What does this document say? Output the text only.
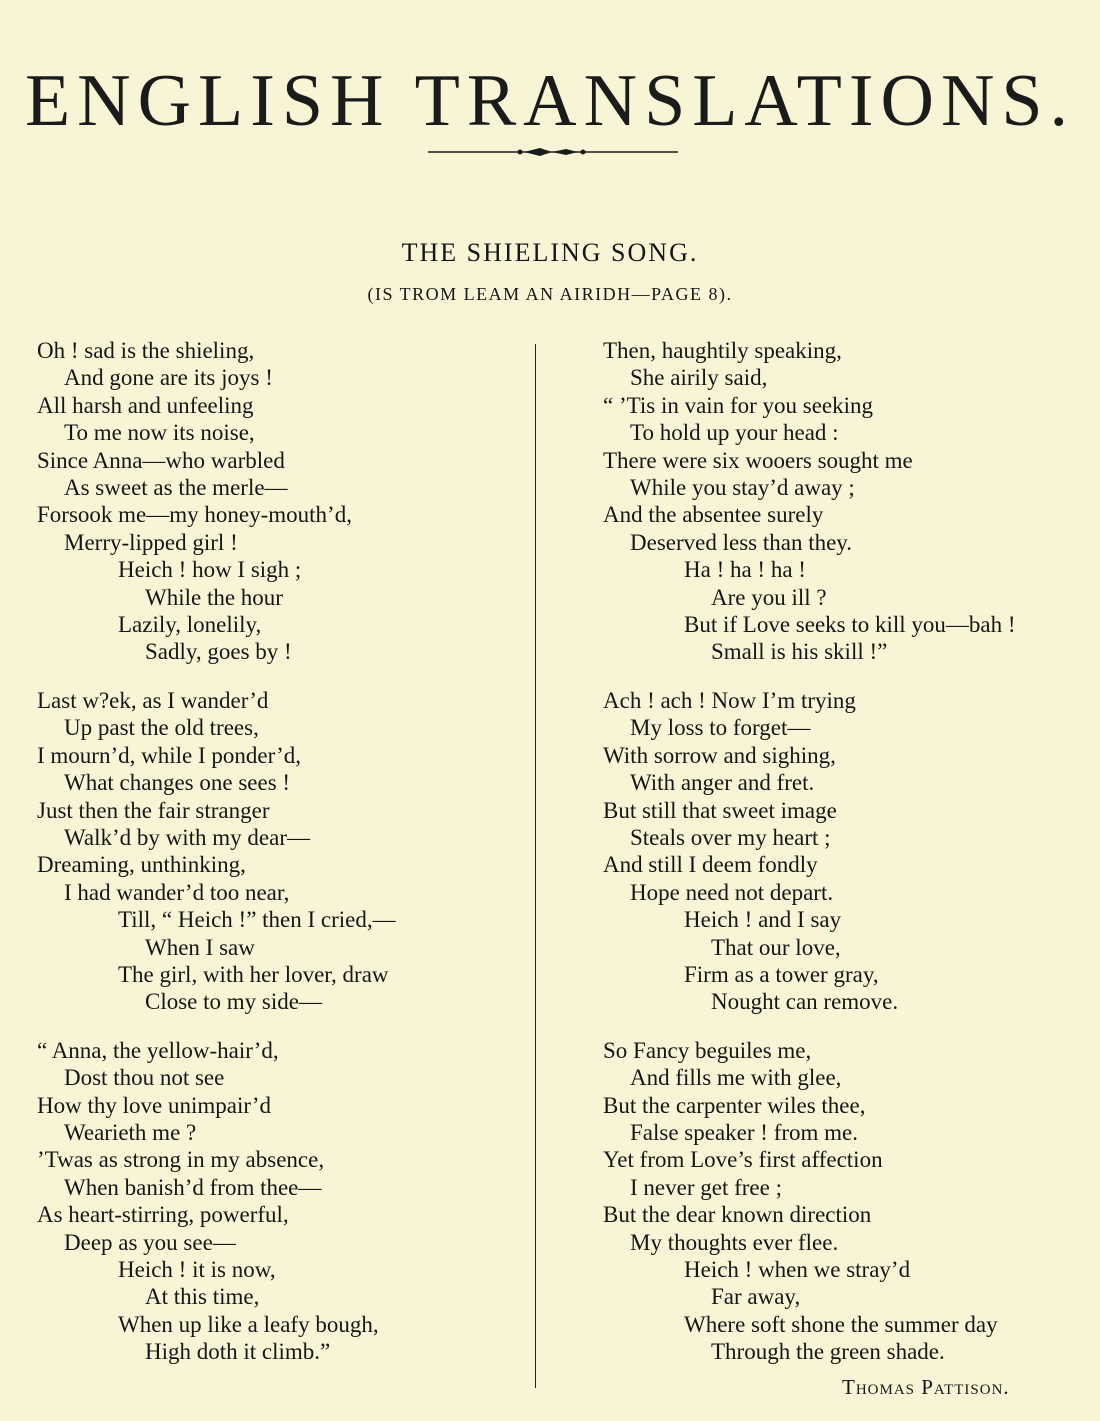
ENGLISH TRANSLATIONS.
THE SHIELING SONG.
(IS TROM LEAM AN AIRIDH—PAGE 8).
Oh ! sad is the shieling,
And gone are its joys !
All harsh and unfeeling
To me now its noise,
Since Anna—who warbled
As sweet as the merle—
Forsook me—my honey-mouth’d,
Merry-lipped girl !
Heich ! how I sigh ;
While the hour
Lazily, lonelily,
Sadly, goes by !
Last w?ek, as I wander’d
Up past the old trees,
I mourn’d, while I ponder’d,
What changes one sees !
Just then the fair stranger
Walk’d by with my dear—
Dreaming, unthinking,
I had wander’d too near,
Till, “ Heich !” then I cried,—
When I saw
The girl, with her lover, draw
Close to my side—
“ Anna, the yellow-hair’d,
Dost thou not see
How thy love unimpair’d
Wearieth me ?
’Twas as strong in my absence,
When banish’d from thee—
As heart-stirring, powerful,
Deep as you see—
Heich ! it is now,
At this time,
When up like a leafy bough,
High doth it climb.”
Then, haughtily speaking,
She airily said,
“ ’Tis in vain for you seeking
To hold up your head :
There were six wooers sought me
While you stay’d away ;
And the absentee surely
Deserved less than they.
Ha ! ha ! ha !
Are you ill ?
But if Love seeks to kill you—bah !
Small is his skill !”
Ach ! ach ! Now I’m trying
My loss to forget—
With sorrow and sighing,
With anger and fret.
But still that sweet image
Steals over my heart ;
And still I deem fondly
Hope need not depart.
Heich ! and I say
That our love,
Firm as a tower gray,
Nought can remove.
So Fancy beguiles me,
And fills me with glee,
But the carpenter wiles thee,
False speaker ! from me.
Yet from Love’s first affection
I never get free ;
But the dear known direction
My thoughts ever flee.
Heich ! when we stray’d
Far away,
Where soft shone the summer day
Through the green shade.
Thomas Pattison.
